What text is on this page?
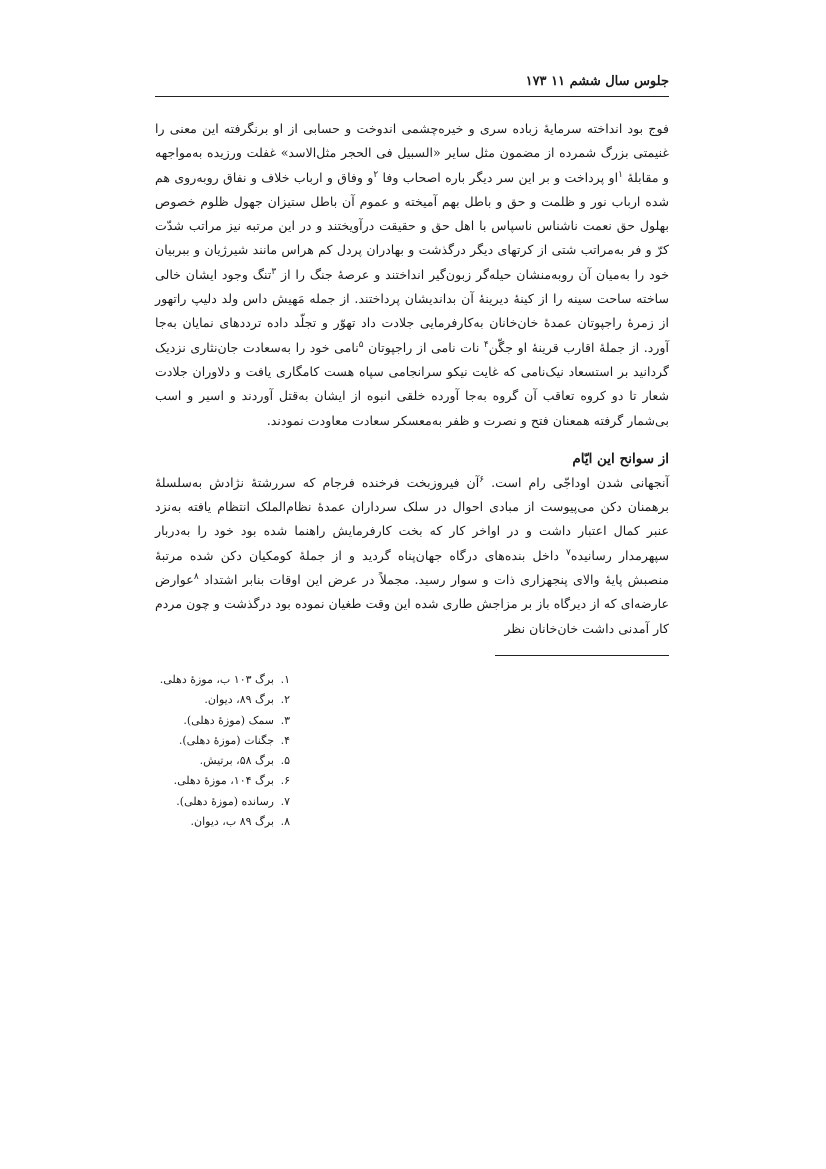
جلوس سال ششم ۱۱ ۱۷۳

فوج بود انداخته سرمایهٔ زباده سری و خیره‌چشمی اندوخت و حسابی از او برنگرفته این معنی را غنیمتی بزرگ شمرده از مضمون مثل سایر «السبیل فی الحجر مثل‌الاسد» غفلت ورزیده به‌مواجهه و مقابلهٔ $^۱$او پرداخت و بر این سر دیگر باره اصحاب وفا $^۲$و وفاق و ارباب خلاف و نفاق روبه‌روی هم شده ارباب نور و ظلمت و حق و باطل بهم آمیخته و عموم آن باطل ستیزان جهول ظلوم خصوص بهلول حق نعمت ناشناس ناسپاس با اهل حق و حقیقت درآویختند و در این مرتبه نیز مراتب شدّت کرّ و فر به‌مراتب شتی از کرتهای دیگر درگذشت و بهادران پردل کم هراس مانند شیرژیان و ببربیان خود را به‌میان آن روبه‌منشان حیله‌گر زبون‌گیر انداختند و عرصهٔ جنگ را از $^۳$تنگ وجود ایشان خالی ساخته ساحت سینه را از کینهٔ دیرینهٔ آن بداندیشان پرداختند. از جمله مَهیش داس ولد دلیپ راتهور از زمرهٔ راجپوتان عمدهٔ خان‌خانان به‌کارفرمایی جلادت داد تهوّر و تجلّد داده ترددهای نمایان به‌جا آورد. از جملهٔ اقارب قرینهٔ او جگّن$^۴$ نات نامی از راجپوتان $^۵$نامی خود را به‌سعادت جان‌نثاری نزدیک گردانید بر استسعاد نیک‌نامی که غایت نیکو سرانجامی سپاه هست کامگاری یافت و دلاوران جلادت شعار تا دو کروه تعاقب آن گروه به‌جا آورده خلقی انبوه از ایشان به‌قتل آوردند و اسیر و اسب بی‌شمار گرفته همعنان فتح و نصرت و ظفر به‌معسکر سعادت معاودت نمودند.

از سوانح این ایّام

آنجهانی شدن اوداجّی رام است. $^۶$آن فیروزبخت فرخنده فرجام که سررشتهٔ نژادش به‌سلسلهٔ برهمنان دکن می‌پیوست از مبادی احوال در سلک سرداران عمدهٔ نظام‌الملک انتظام یافته به‌نزد عنبر کمال اعتبار داشت و در اواخر کار که بخت کارفرمایش راهنما شده بود خود را به‌دربار سپهرمدار رسانیده$^۷$ داخل بنده‌های درگاه جهان‌پناه گردید و از جملهٔ کومکیان دکن شده مرتبهٔ منصبش پایهٔ والای پنجهزاری ذات و سوار رسید. مجملاً در عرض این اوقات بنابر اشتداد $^۸$عوارض عارضه‌ای که از دیرگاه باز بر مزاجش طاری شده این وقت طغیان نموده بود درگذشت و چون مردم کار آمدنی داشت خان‌خانان نظر

۱.برگ ۱۰۳ ب، موزهٔ دهلی.
۲.برگ ۸۹، دیوان.
۳.سمک (موزهٔ دهلی).
۴.جگنات (موزهٔ دهلی).
۵.برگ ۵۸، برتیش.
۶.برگ ۱۰۴، موزهٔ دهلی.
۷.رسانده (موزهٔ دهلی).
۸.برگ ۸۹ ب، دیوان.
